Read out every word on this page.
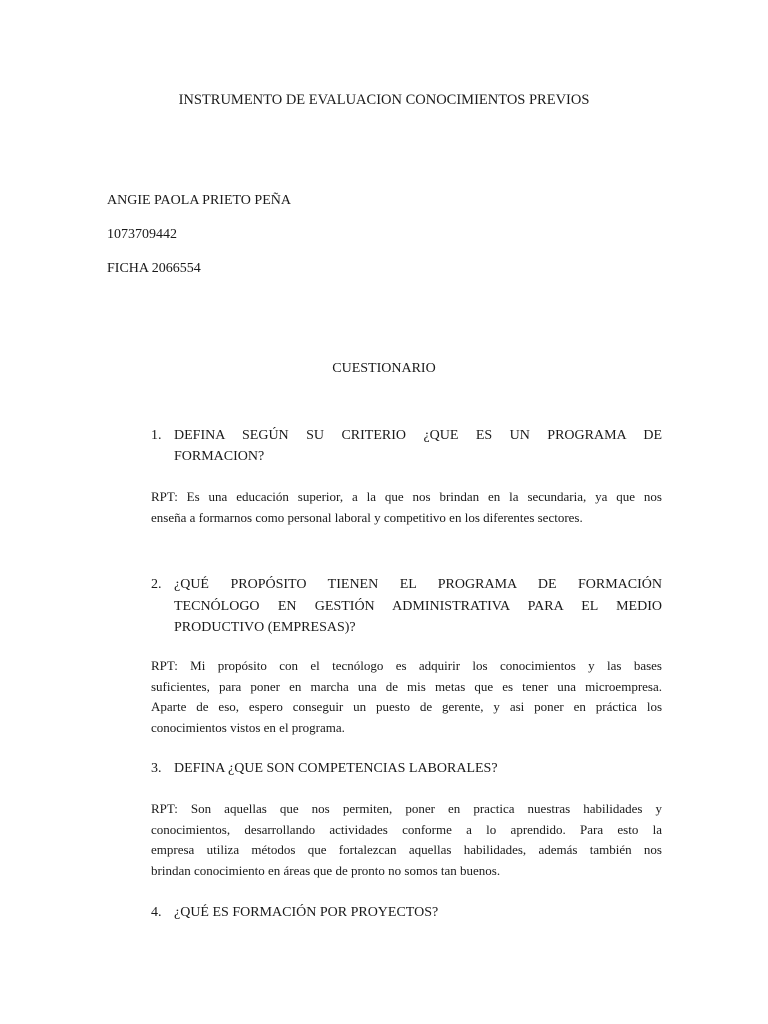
INSTRUMENTO DE EVALUACION CONOCIMIENTOS PREVIOS

ANGIE PAOLA PRIETO PEÑA

1073709442

FICHA 2066554

CUESTIONARIO

1. DEFINA SEGÚN SU CRITERIO ¿QUE ES UN PROGRAMA DE
FORMACION?
RPT: Es una educación superior, a la que nos brindan en la secundaria, ya que nos
enseña a formarnos como personal laboral y competitivo en los diferentes sectores.
2. ¿QUÉ PROPÓSITO TIENEN EL PROGRAMA DE FORMACIÓN
TECNÓLOGO EN GESTIÓN ADMINISTRATIVA PARA EL MEDIO
PRODUCTIVO (EMPRESAS)?
RPT: Mi propósito con el tecnólogo es adquirir los conocimientos y las bases
suficientes, para poner en marcha una de mis metas que es tener una microempresa.
Aparte de eso, espero conseguir un puesto de gerente, y asi poner en práctica los
conocimientos vistos en el programa.
3. DEFINA ¿QUE SON COMPETENCIAS LABORALES?
RPT: Son aquellas que nos permiten, poner en practica nuestras habilidades y
conocimientos, desarrollando actividades conforme a lo aprendido. Para esto la
empresa utiliza métodos que fortalezcan aquellas habilidades, además también nos
brindan conocimiento en áreas que de pronto no somos tan buenos.
4. ¿QUÉ ES FORMACIÓN POR PROYECTOS?
